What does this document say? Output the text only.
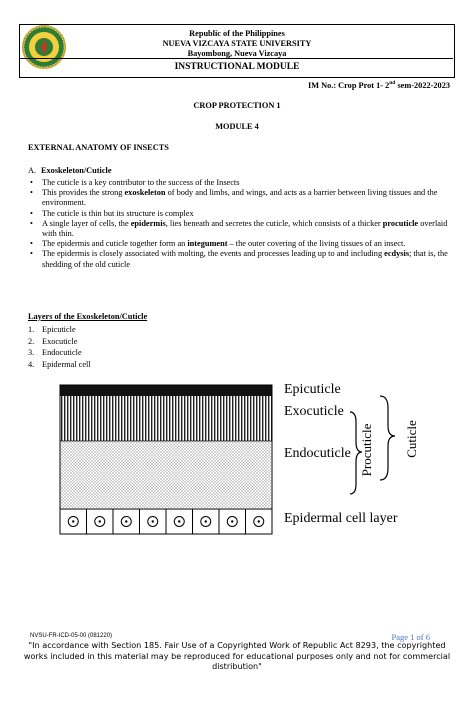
Republic of the Philippines
NUEVA VIZCAYA STATE UNIVERSITY
Bayombong, Nueva Vizcaya
INSTRUCTIONAL MODULE
IM No.: Crop Prot 1- 2nd sem-2022-2023
CROP PROTECTION 1
MODULE 4
EXTERNAL ANATOMY OF INSECTS
A. Exoskeleton/Cuticle
• The cuticle is a key contributor to the success of the Insects
• This provides the strong exoskeleton of body and limbs, and wings, and acts as a barrier between living tissues and the environment.
• The cuticle is thin but its structure is complex
• A single layer of cells, the epidermis, lies beneath and secretes the cuticle, which consists of a thicker procuticle overlaid with thin.
• The epidermis and cuticle together form an integument – the outer covering of the living tissues of an insect.
• The epidermis is closely associated with molting, the events and processes leading up to and including ecdysis; that is, the shedding of the old cuticle
Layers of the Exoskeleton/Cuticle
1. Epicuticle
2. Exocuticle
3. Endocuticle
4. Epidermal cell
Epicuticle
Exocuticle
Endocuticle
Epidermal cell layer
Procuticle Cuticle
NVSU-FR-ICD-05-00 (081220)	Page 1 of 6
"In accordance with Section 185. Fair Use of a Copyrighted Work of Republic Act 8293, the copyrighted works included in this material may be reproduced for educational purposes only and not for commercial distribution"
